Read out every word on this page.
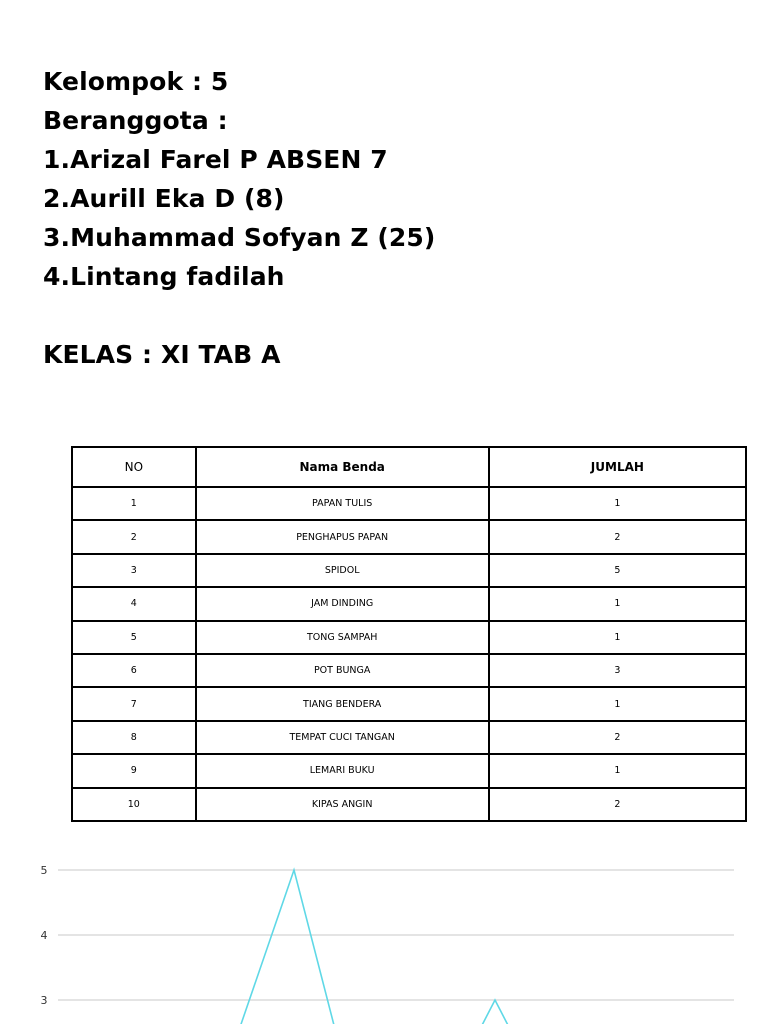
Kelompok : 5
Beranggota :
1.Arizal Farel P ABSEN 7
2.Aurill Eka D (8)
3.Muhammad Sofyan Z (25)
4.Lintang fadilah
KELAS : XI TAB A
NO	Nama Benda	JUMLAH
1	PAPAN TULIS	1
2	PENGHAPUS PAPAN	2
3	SPIDOL	5
4	JAM DINDING	1
5	TONG SAMPAH	1
6	POT BUNGA	3
7	TIANG BENDERA	1
8	TEMPAT CUCI TANGAN	2
9	LEMARI BUKU	1
10	KIPAS ANGIN	2
5
4
3
